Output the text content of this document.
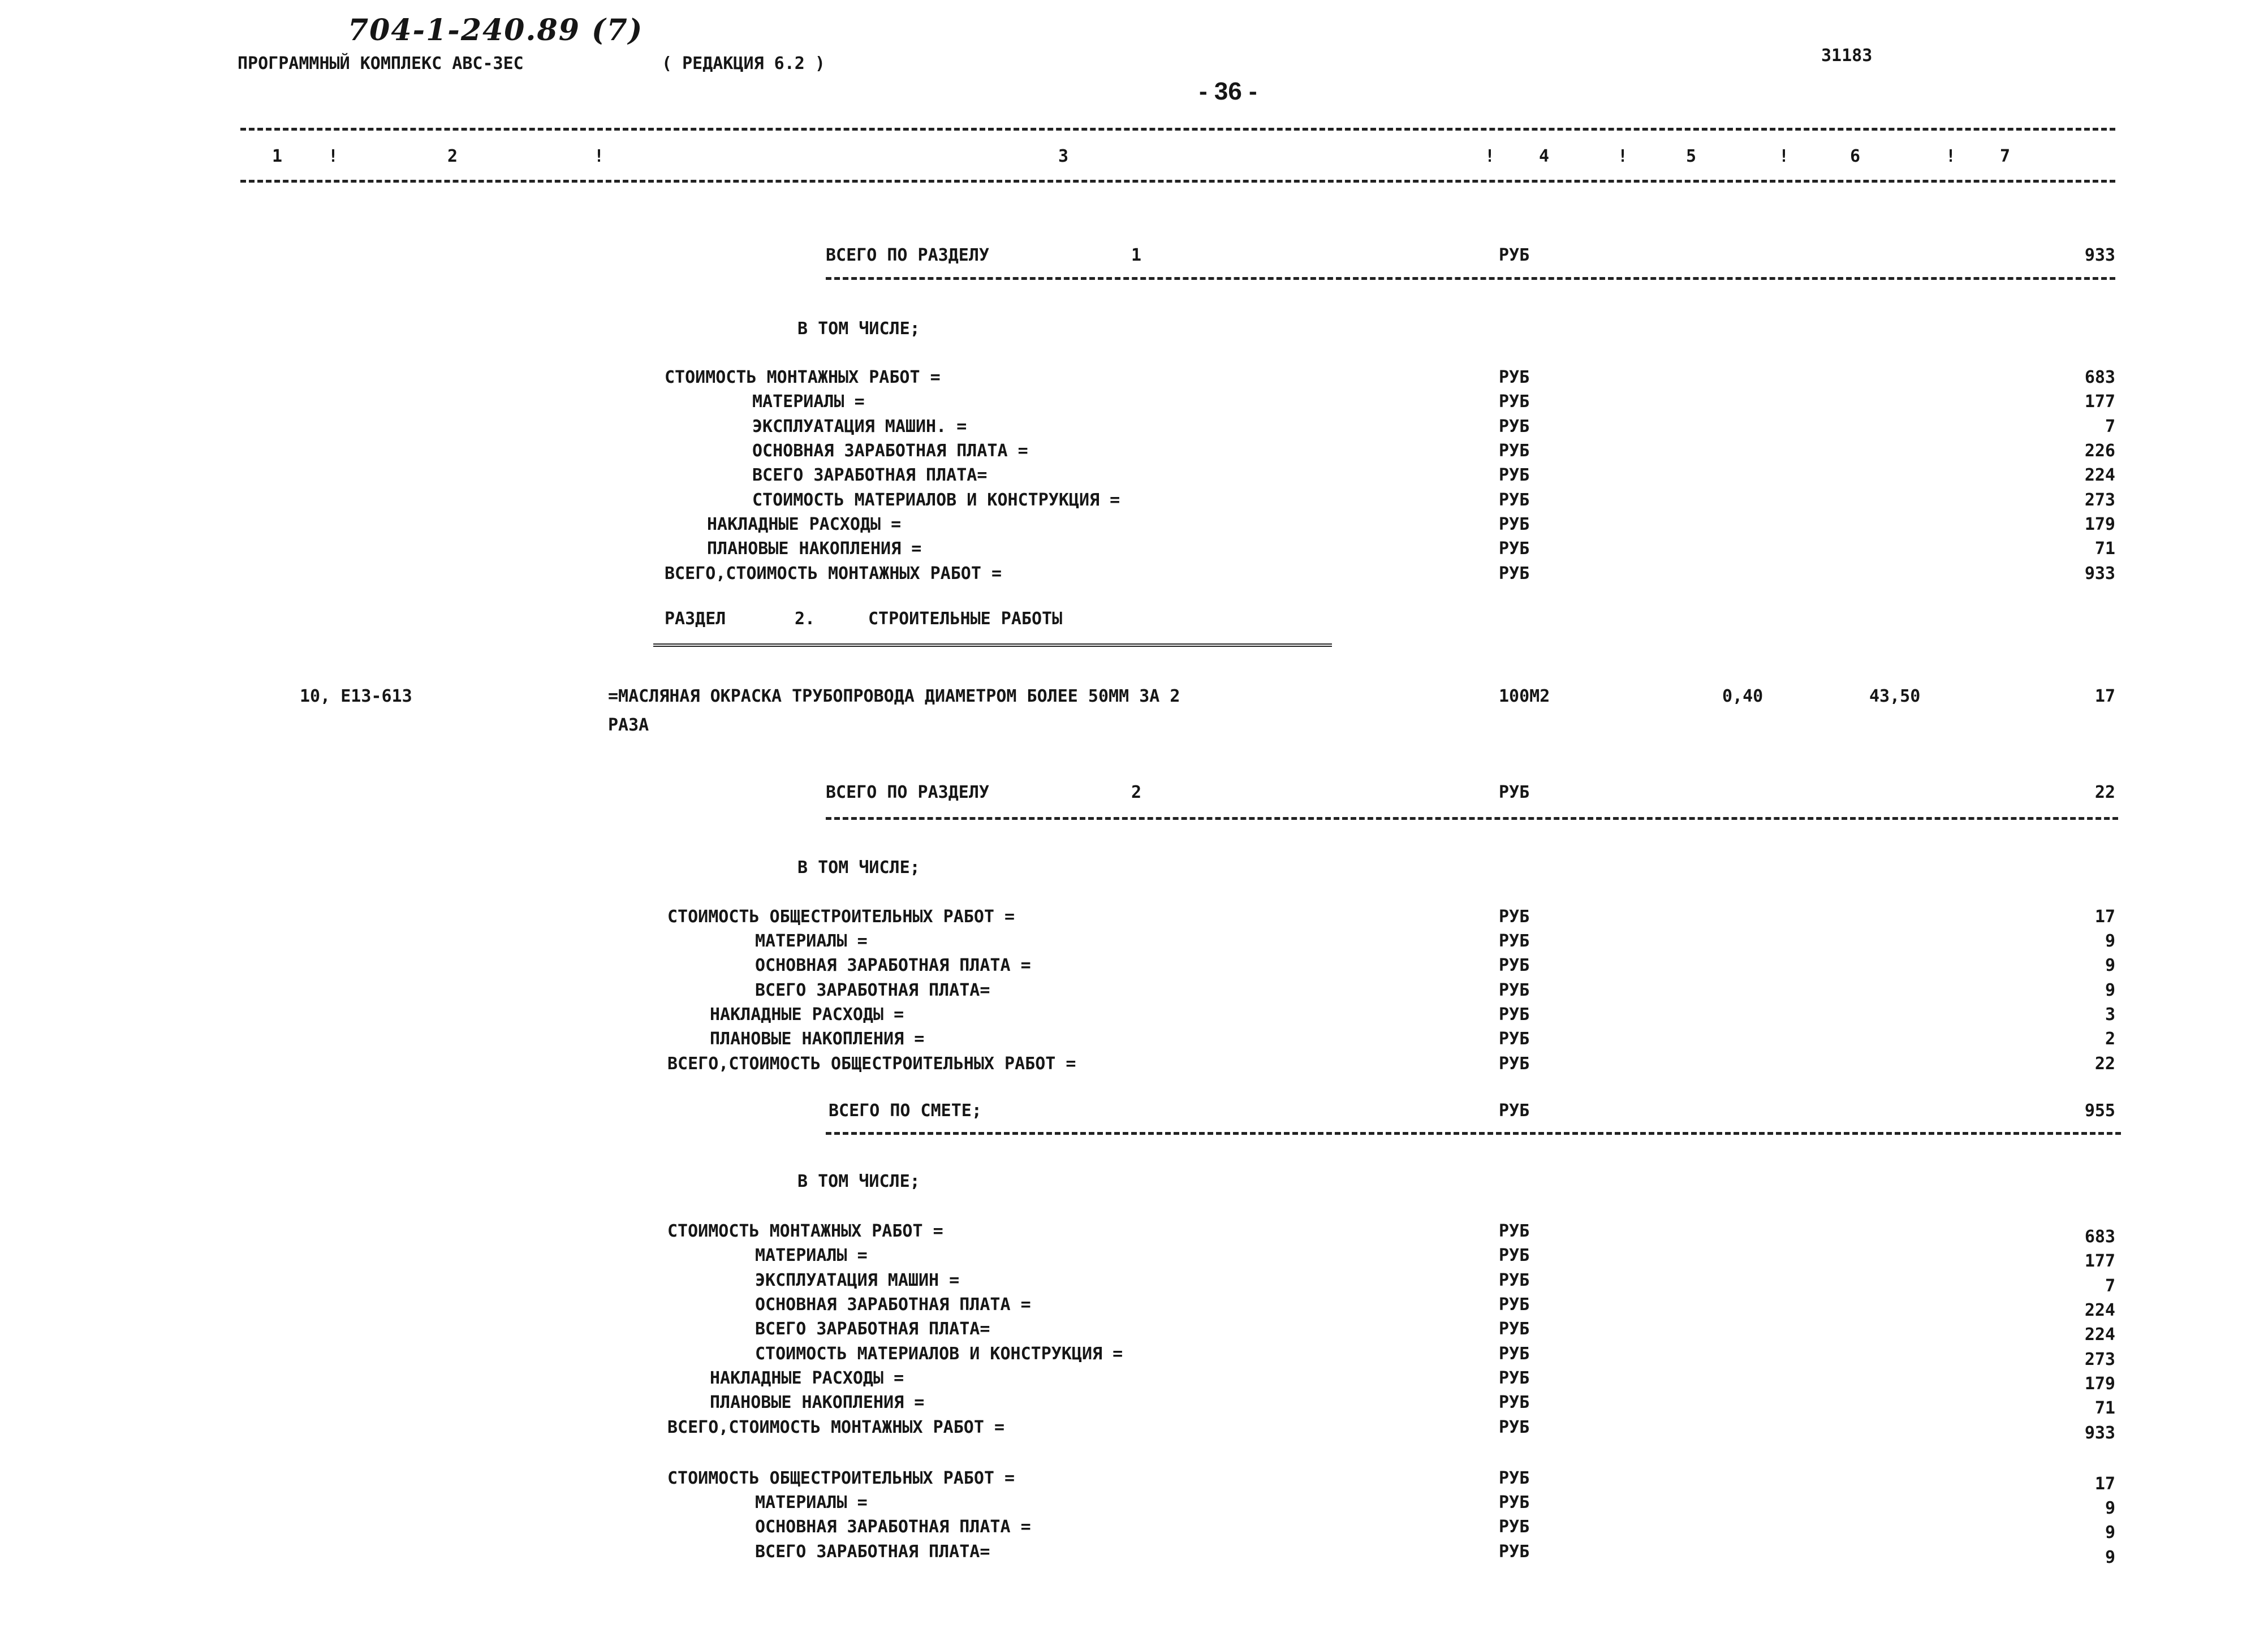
704-1-240.89 (7)
ПРОГРАММНЫЙ КОМПЛЕКС АВС-3ЕС	( РЕДАКЦИЯ 6.2 )	31183
- 36 -
1	!	2	!	3	!	4	!	5	!	6	!	7
ВСЕГО ПО РАЗДЕЛУ	1	РУБ	933
В ТОМ ЧИСЛЕ;
СТОИМОСТЬ МОНТАЖНЫХ РАБОТ =	РУБ	683
МАТЕРИАЛЫ =	РУБ	177
ЭКСПЛУАТАЦИЯ МАШИН. =	РУБ	7
ОСНОВНАЯ ЗАРАБОТНАЯ ПЛАТА =	РУБ	226
ВСЕГО ЗАРАБОТНАЯ ПЛАТА=	РУБ	224
СТОИМОСТЬ МАТЕРИАЛОВ И КОНСТРУКЦИЯ =	РУБ	273
НАКЛАДНЫЕ РАСХОДЫ =	РУБ	179
ПЛАНОВЫЕ НАКОПЛЕНИЯ =	РУБ	71
ВСЕГО,СТОИМОСТЬ МОНТАЖНЫХ РАБОТ =	РУБ	933
РАЗДЕЛ	2.	СТРОИТЕЛЬНЫЕ РАБОТЫ
10, Е13-613	=МАСЛЯНАЯ ОКРАСКА ТРУБОПРОВОДА ДИАМЕТРОМ БОЛЕЕ 50ММ ЗА 2
РАЗА
100М2	0,40	43,50	17
ВСЕГО ПО РАЗДЕЛУ	2	РУБ	22
В ТОМ ЧИСЛЕ;
СТОИМОСТЬ ОБЩЕСТРОИТЕЛЬНЫХ РАБОТ =	РУБ	17
МАТЕРИАЛЫ =	РУБ	9
ОСНОВНАЯ ЗАРАБОТНАЯ ПЛАТА =	РУБ	9
ВСЕГО ЗАРАБОТНАЯ ПЛАТА=	РУБ	9
НАКЛАДНЫЕ РАСХОДЫ =	РУБ	3
ПЛАНОВЫЕ НАКОПЛЕНИЯ =	РУБ	2
ВСЕГО,СТОИМОСТЬ ОБЩЕСТРОИТЕЛЬНЫХ РАБОТ =	РУБ	22
ВСЕГО ПО СМЕТЕ;	РУБ	955
В ТОМ ЧИСЛЕ;
СТОИМОСТЬ МОНТАЖНЫХ РАБОТ =	РУБ	683
МАТЕРИАЛЫ =	РУБ	177
ЭКСПЛУАТАЦИЯ МАШИН =	РУБ	7
ОСНОВНАЯ ЗАРАБОТНАЯ ПЛАТА =	РУБ	224
ВСЕГО ЗАРАБОТНАЯ ПЛАТА=	РУБ	224
СТОИМОСТЬ МАТЕРИАЛОВ И КОНСТРУКЦИЯ =	РУБ	273
НАКЛАДНЫЕ РАСХОДЫ =	РУБ	179
ПЛАНОВЫЕ НАКОПЛЕНИЯ =	РУБ	71
ВСЕГО,СТОИМОСТЬ МОНТАЖНЫХ РАБОТ =	РУБ	933
СТОИМОСТЬ ОБЩЕСТРОИТЕЛЬНЫХ РАБОТ =	РУБ	17
МАТЕРИАЛЫ =	РУБ	9
ОСНОВНАЯ ЗАРАБОТНАЯ ПЛАТА =	РУБ	9
ВСЕГО ЗАРАБОТНАЯ ПЛАТА=	РУБ	9
